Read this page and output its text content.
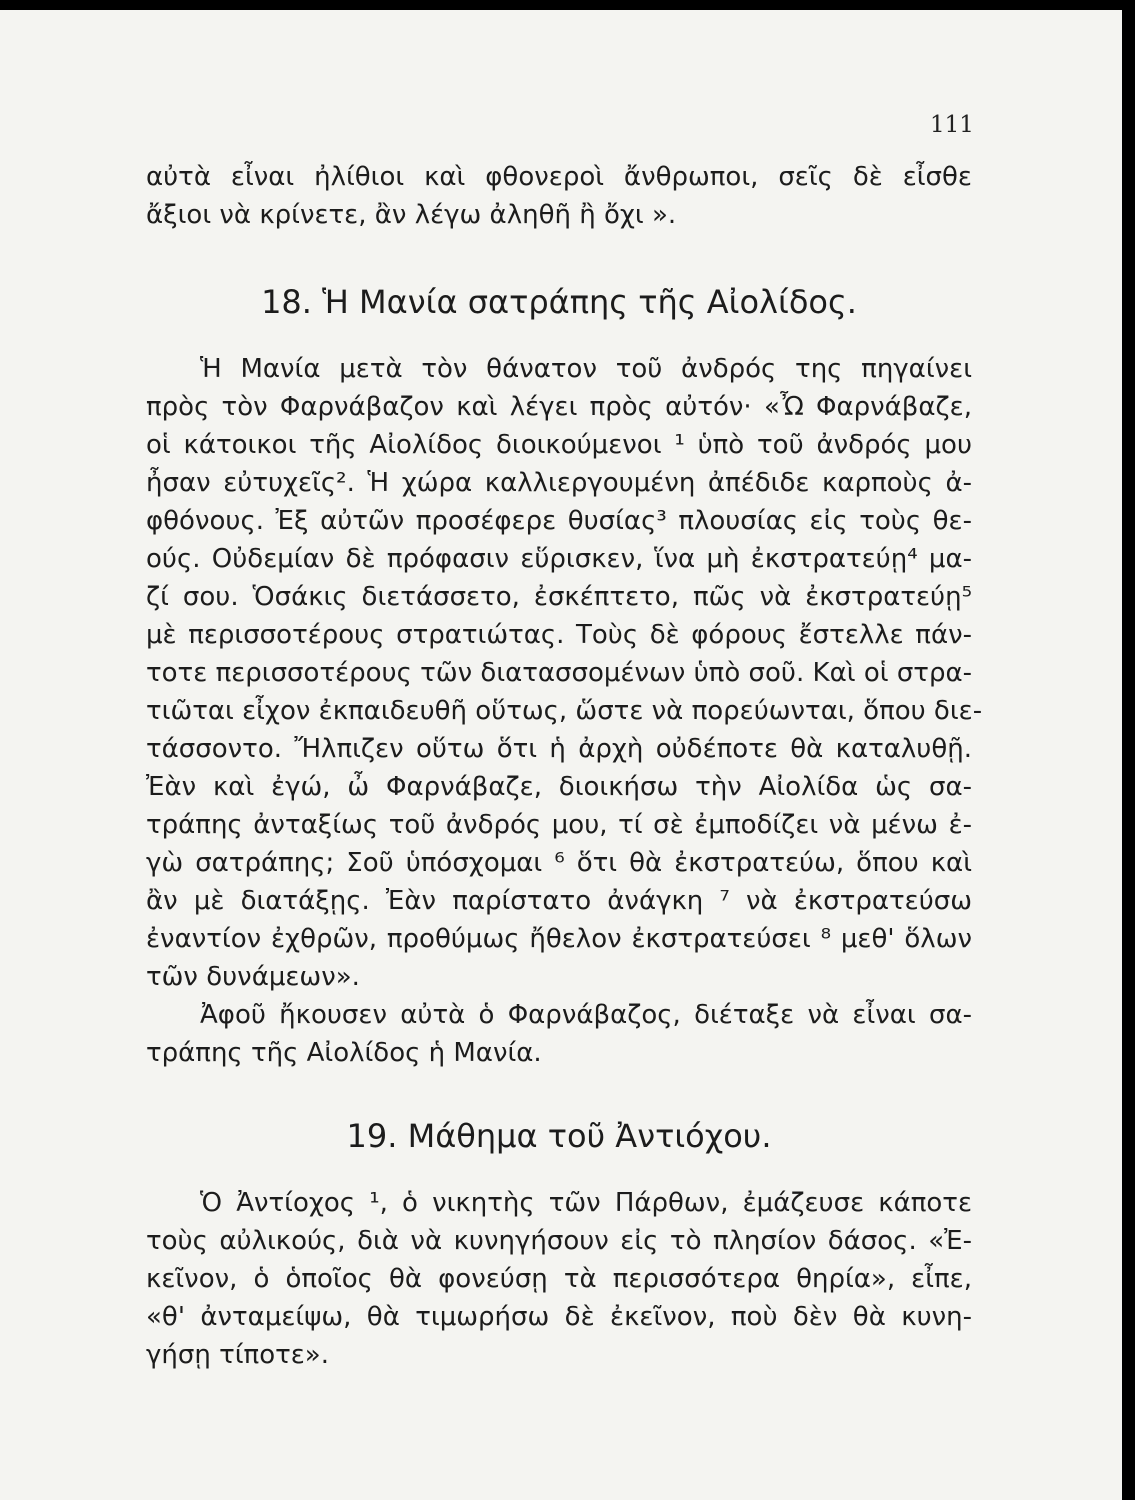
111
αὐτὰ εἶναι ἠλίθιοι καὶ φθονεροὶ ἄνθρωποι, σεῖς δὲ εἶσθε
ἄξιοι νὰ κρίνετε, ἂν λέγω ἀληθῆ ἢ ὄχι ».
18. Ἡ Μανία σατράπης τῆς Αἰολίδος.
Ἡ Μανία μετὰ τὸν θάνατον τοῦ ἀνδρός της πηγαίνει
πρὸς τὸν Φαρνάβαζον καὶ λέγει πρὸς αὐτόν· «Ὦ Φαρνάβαζε,
οἱ κάτοικοι τῆς Αἰολίδος διοικούμενοι ¹ ὑπὸ τοῦ ἀνδρός μου
ἦσαν εὐτυχεῖς². Ἡ χώρα καλλιεργουμένη ἀπέδιδε καρποὺς ἀ-
φθόνους. Ἐξ αὐτῶν προσέφερε θυσίας³ πλουσίας εἰς τοὺς θε-
ούς. Οὐδεμίαν δὲ πρόφασιν εὕρισκεν, ἵνα μὴ ἐκστρατεύῃ⁴ μα-
ζί σου. Ὁσάκις διετάσσετο, ἐσκέπτετο, πῶς νὰ ἐκστρατεύῃ⁵
μὲ περισσοτέρους στρατιώτας. Τοὺς δὲ φόρους ἔστελλε πάν-
τοτε περισσοτέρους τῶν διατασσομένων ὑπὸ σοῦ. Καὶ οἱ στρα-
τιῶται εἶχον ἐκπαιδευθῆ οὕτως, ὥστε νὰ πορεύωνται, ὅπου διε-
τάσσοντο. Ἤλπιζεν οὕτω ὅτι ἡ ἀρχὴ οὐδέποτε θὰ καταλυθῇ.
Ἐὰν καὶ ἐγώ, ὦ Φαρνάβαζε, διοικήσω τὴν Αἰολίδα ὡς σα-
τράπης ἀνταξίως τοῦ ἀνδρός μου, τί σὲ ἐμποδίζει νὰ μένω ἐ-
γὼ σατράπης; Σοῦ ὑπόσχομαι ⁶ ὅτι θὰ ἐκστρατεύω, ὅπου καὶ
ἂν μὲ διατάξῃς. Ἐὰν παρίστατο ἀνάγκη ⁷ νὰ ἐκστρατεύσω
ἐναντίον ἐχθρῶν, προθύμως ἤθελον ἐκστρατεύσει ⁸ μεθ' ὅλων
τῶν δυνάμεων».
Ἀφοῦ ἤκουσεν αὐτὰ ὁ Φαρνάβαζος, διέταξε νὰ εἶναι σα-
τράπης τῆς Αἰολίδος ἡ Μανία.
19. Μάθημα τοῦ Ἀντιόχου.
Ὁ Ἀντίοχος ¹, ὁ νικητὴς τῶν Πάρθων, ἐμάζευσε κάποτε
τοὺς αὐλικούς, διὰ νὰ κυνηγήσουν εἰς τὸ πλησίον δάσος. «Ἐ-
κεῖνον, ὁ ὁποῖος θὰ φονεύσῃ τὰ περισσότερα θηρία», εἶπε,
«θ' ἀνταμείψω, θὰ τιμωρήσω δὲ ἐκεῖνον, ποὺ δὲν θὰ κυνη-
γήσῃ τίποτε».
